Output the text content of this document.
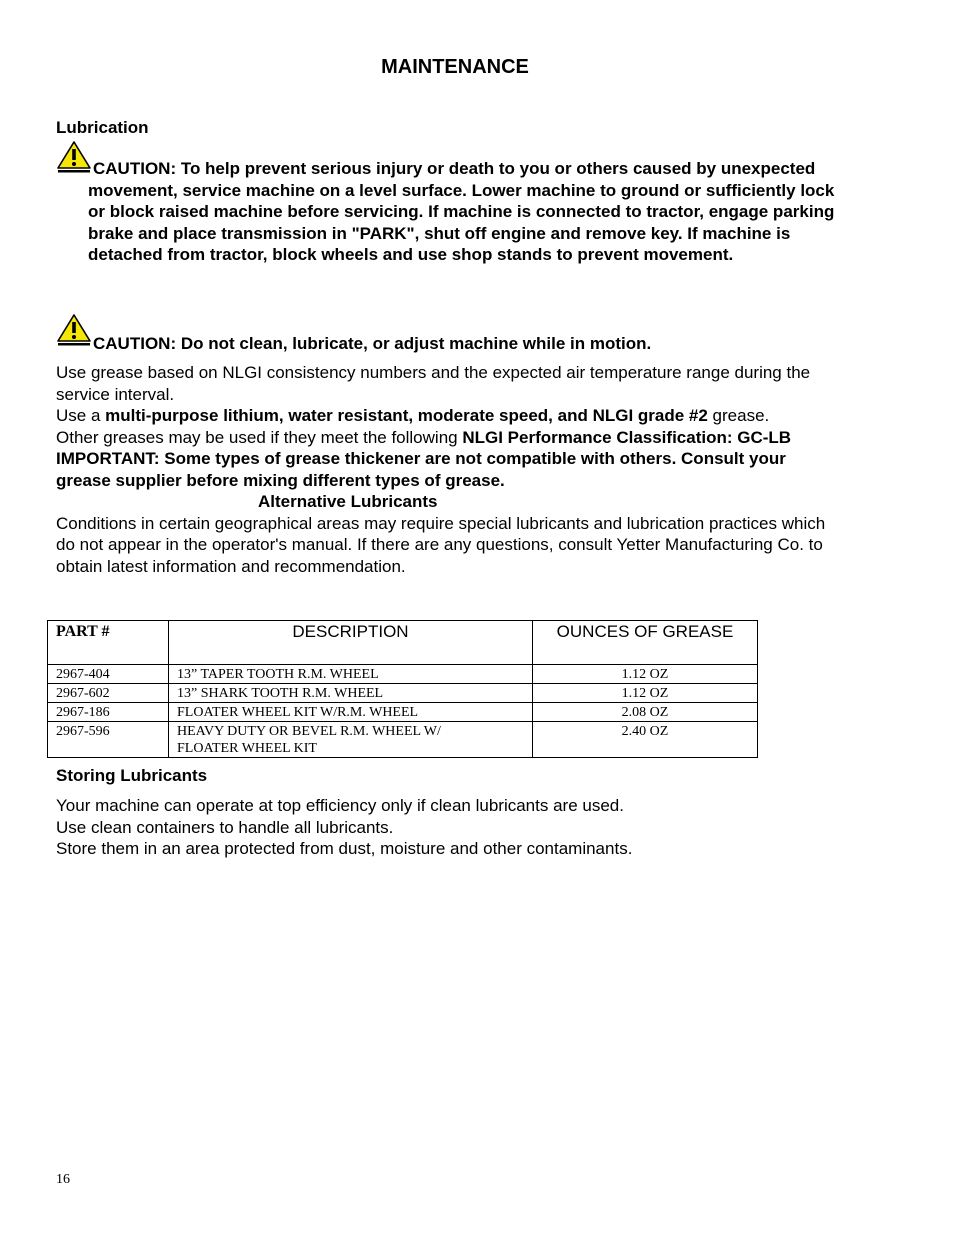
MAINTENANCE
Lubrication
CAUTION: To help prevent serious injury or death to you or others caused by unexpected movement, service machine on a level surface. Lower machine to ground or sufficiently lock or block raised machine before servicing. If machine is connected to tractor, engage parking brake and place transmission in "PARK", shut off engine and remove key. If machine is detached from tractor, block wheels and use shop stands to prevent movement.
CAUTION: Do not clean, lubricate, or adjust machine while in motion.
Use grease based on NLGI consistency numbers and the expected air temperature range during the service interval.
Use a multi-purpose lithium, water resistant, moderate speed, and NLGI grade #2 grease.
Other greases may be used if they meet the following NLGI Performance Classification: GC-LB
IMPORTANT: Some types of grease thickener are not compatible with others. Consult your grease supplier before mixing different types of grease.
Alternative Lubricants
Conditions in certain geographical areas may require special lubricants and lubrication practices which do not appear in the operator's manual. If there are any questions, consult Yetter Manufacturing Co. to obtain latest information and recommendation.
PART #	DESCRIPTION	OUNCES OF GREASE
2967-404	13” TAPER TOOTH R.M. WHEEL	1.12 OZ
2967-602	13” SHARK TOOTH R.M. WHEEL	1.12 OZ
2967-186	FLOATER WHEEL KIT W/R.M. WHEEL	2.08 OZ
2967-596	HEAVY DUTY OR BEVEL R.M. WHEEL W/ FLOATER WHEEL KIT	2.40 OZ
Storing Lubricants
Your machine can operate at top efficiency only if clean lubricants are used.
Use clean containers to handle all lubricants.
Store them in an area protected from dust, moisture and other contaminants.
16
